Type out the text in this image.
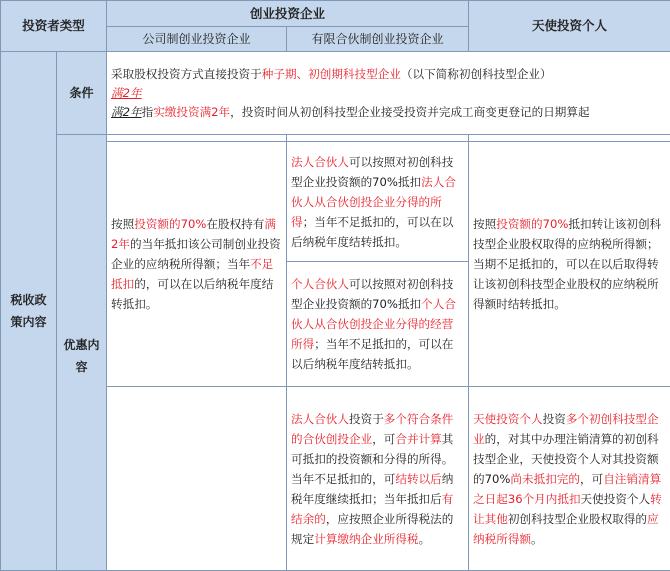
投资者类型		创业投资企业		天使投资个人
		公司制创业投资企业	有限合伙制创业投资企业	
税收政策内容	条件	采取股权投资方式直接投资于种子期、初创期科技型企业（以下简称初创科技型企业）
满2年
满2年指实缴投资满2年，投资时间从初创科技型企业接受投资并完成工商变更登记的日期算起		

	优惠内容	按照投资额的70%在股权持有满2年的当年抵扣该公司制创业投资企业的应纳税所得额；当年不足抵扣的，可以在以后纳税年度结转抵扣。	法人合伙人可以按照对初创科技型企业投资额的70%抵扣法人合伙人从合伙创投企业分得的所得；当年不足抵扣的，可以在以后纳税年度结转抵扣。	按照投资额的70%抵扣转让该初创科技型企业股权取得的应纳税所得额；当期不足抵扣的，可以在以后取得转让该初创科技型企业股权的应纳税所得额时结转抵扣。
			个人合伙人可以按照对初创科技型企业投资额的70%抵扣个人合伙人从合伙创投企业分得的经营所得；当年不足抵扣的，可以在以后纳税年度结转抵扣。	
			法人合伙人投资于多个符合条件的合伙创投企业，可合并计算其可抵扣的投资额和分得的所得。当年不足抵扣的，可结转以后纳税年度继续抵扣；当年抵扣后有结余的，应按照企业所得税法的规定计算缴纳企业所得税。	天使投资个人投资多个初创科技型企业的，对其中办理注销清算的初创科技型企业，天使投资个人对其投资额的70%尚未抵扣完的，可自注销清算之日起36个月内抵扣天使投资个人转让其他初创科技型企业股权取得的应纳税所得额。
